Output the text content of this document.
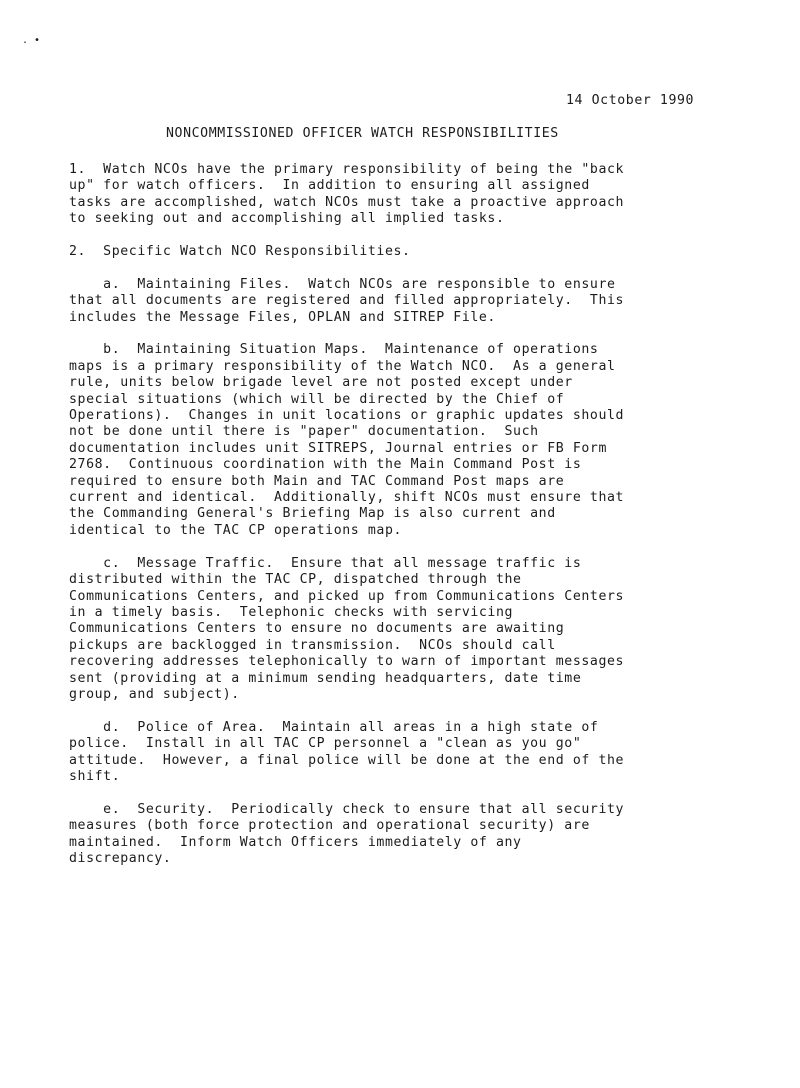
. •
14 October 1990
NONCOMMISSIONED OFFICER WATCH RESPONSIBILITIES

1.  Watch NCOs have the primary responsibility of being the "back
up" for watch officers.  In addition to ensuring all assigned
tasks are accomplished, watch NCOs must take a proactive approach
to seeking out and accomplishing all implied tasks.

2.  Specific Watch NCO Responsibilities.

a.  Maintaining Files.  Watch NCOs are responsible to ensure
that all documents are registered and filled appropriately.  This
includes the Message Files, OPLAN and SITREP File.

b.  Maintaining Situation Maps.  Maintenance of operations
maps is a primary responsibility of the Watch NCO.  As a general
rule, units below brigade level are not posted except under
special situations (which will be directed by the Chief of
Operations).  Changes in unit locations or graphic updates should
not be done until there is "paper" documentation.  Such
documentation includes unit SITREPS, Journal entries or FB Form
2768.  Continuous coordination with the Main Command Post is
required to ensure both Main and TAC Command Post maps are
current and identical.  Additionally, shift NCOs must ensure that
the Commanding General's Briefing Map is also current and
identical to the TAC CP operations map.

c.  Message Traffic.  Ensure that all message traffic is
distributed within the TAC CP, dispatched through the
Communications Centers, and picked up from Communications Centers
in a timely basis.  Telephonic checks with servicing
Communications Centers to ensure no documents are awaiting
pickups are backlogged in transmission.  NCOs should call
recovering addresses telephonically to warn of important messages
sent (providing at a minimum sending headquarters, date time
group, and subject).

d.  Police of Area.  Maintain all areas in a high state of
police.  Install in all TAC CP personnel a "clean as you go"
attitude.  However, a final police will be done at the end of the
shift.

e.  Security.  Periodically check to ensure that all security
measures (both force protection and operational security) are
maintained.  Inform Watch Officers immediately of any
discrepancy.
